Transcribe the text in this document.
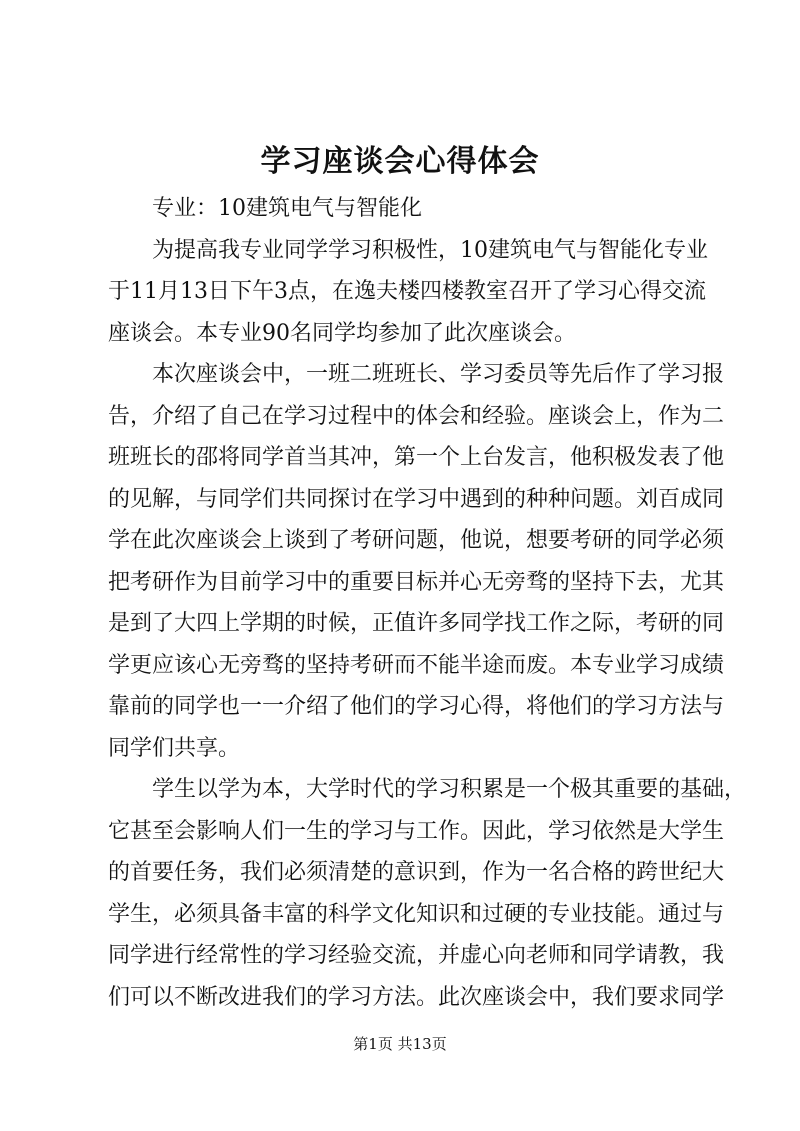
学习座谈会心得体会
专业：10建筑电气与智能化
为提高我专业同学学习积极性，10建筑电气与智能化专业
于11月13日下午3点，在逸夫楼四楼教室召开了学习心得交流
座谈会。本专业90名同学均参加了此次座谈会。
本次座谈会中，一班二班班长、学习委员等先后作了学习报
告，介绍了自己在学习过程中的体会和经验。座谈会上，作为二
班班长的邵将同学首当其冲，第一个上台发言，他积极发表了他
的见解，与同学们共同探讨在学习中遇到的种种问题。刘百成同
学在此次座谈会上谈到了考研问题，他说，想要考研的同学必须
把考研作为目前学习中的重要目标并心无旁骛的坚持下去，尤其
是到了大四上学期的时候，正值许多同学找工作之际，考研的同
学更应该心无旁骛的坚持考研而不能半途而废。本专业学习成绩
靠前的同学也一一介绍了他们的学习心得，将他们的学习方法与
同学们共享。
学生以学为本，大学时代的学习积累是一个极其重要的基础，
它甚至会影响人们一生的学习与工作。因此，学习依然是大学生
的首要任务，我们必须清楚的意识到，作为一名合格的跨世纪大
学生，必须具备丰富的科学文化知识和过硬的专业技能。通过与
同学进行经常性的学习经验交流，并虚心向老师和同学请教，我
们可以不断改进我们的学习方法。此次座谈会中，我们要求同学
第1页 共13页
